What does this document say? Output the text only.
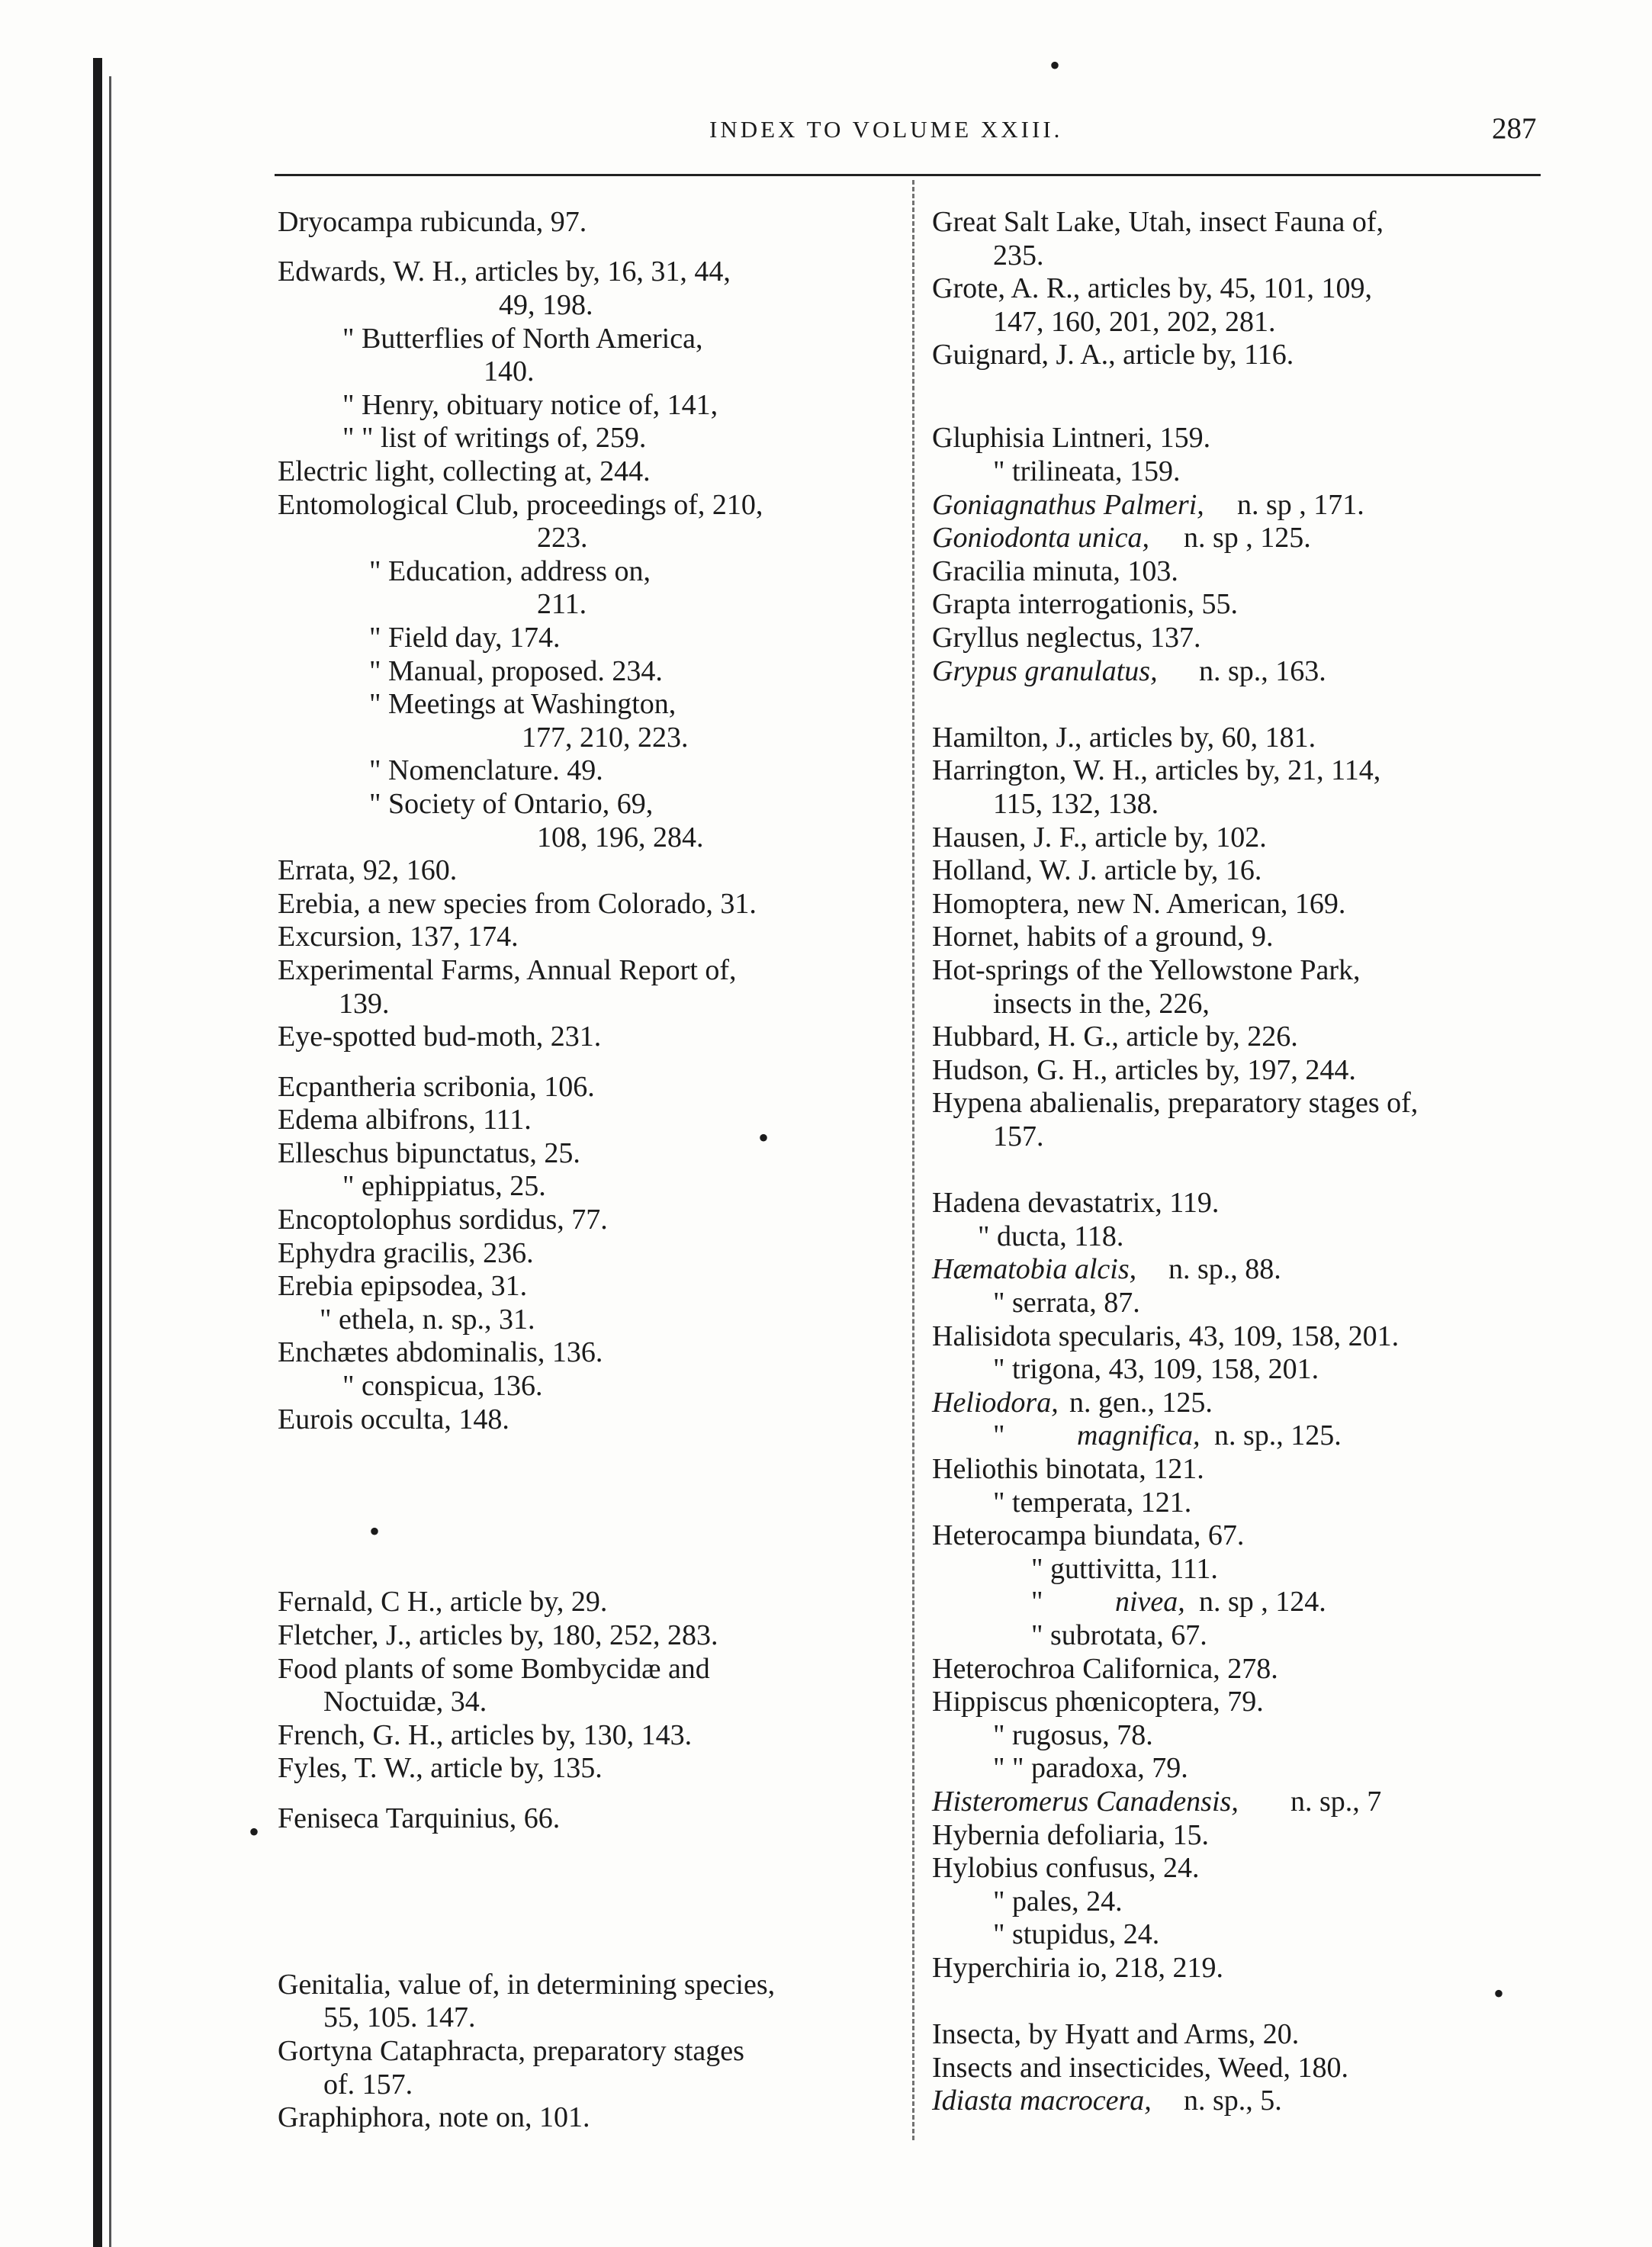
INDEX TO VOLUME XXIII.	287
Dryocampa rubicunda, 97.
Edwards, W. H., articles by, 16, 31, 44,
49, 198.
" Butterflies of North America,
140.
" Henry, obituary notice of, 141,
" " list of writings of, 259.
Electric light, collecting at, 244.
Entomological Club, proceedings of, 210,
223.
" Education, address on,
211.
" Field day, 174.
" Manual, proposed. 234.
" Meetings at Washington,
177, 210, 223.
" Nomenclature. 49.
" Society of Ontario, 69,
108, 196, 284.
Errata, 92, 160.
Erebia, a new species from Colorado, 31.
Excursion, 137, 174.
Experimental Farms, Annual Report of,
139.
Eye-spotted bud-moth, 231.
Ecpantheria scribonia, 106.
Edema albifrons, 111.
Elleschus bipunctatus, 25.
" ephippiatus, 25.
Encoptolophus sordidus, 77.
Ephydra gracilis, 236.
Erebia epipsodea, 31.
" ethela, n. sp., 31.
Enchætes abdominalis, 136.
" conspicua, 136.
Eurois occulta, 148.
Fernald, C H., article by, 29.
Fletcher, J., articles by, 180, 252, 283.
Food plants of some Bombycidæ and
Noctuidæ, 34.
French, G. H., articles by, 130, 143.
Fyles, T. W., article by, 135.
Feniseca Tarquinius, 66.
Genitalia, value of, in determining species,
55, 105. 147.
Gortyna Cataphracta, preparatory stages
of. 157.
Graphiphora, note on, 101.
Great Salt Lake, Utah, insect Fauna of,
235.
Grote, A. R., articles by, 45, 101, 109,
147, 160, 201, 202, 281.
Guignard, J. A., article by, 116.
Gluphisia Lintneri, 159.
" trilineata, 159.
Goniagnathus Palmeri, n. sp , 171.
Goniodonta unica, n. sp , 125.
Gracilia minuta, 103.
Grapta interrogationis, 55.
Gryllus neglectus, 137.
Grypus granulatus, n. sp., 163.
Hamilton, J., articles by, 60, 181.
Harrington, W. H., articles by, 21, 114,
115, 132, 138.
Hausen, J. F., article by, 102.
Holland, W. J. article by, 16.
Homoptera, new N. American, 169.
Hornet, habits of a ground, 9.
Hot-springs of the Yellowstone Park,
insects in the, 226,
Hubbard, H. G., article by, 226.
Hudson, G. H., articles by, 197, 244.
Hypena abalienalis, preparatory stages of,
157.
Hadena devastatrix, 119.
" ducta, 118.
Hæmatobia alcis, n. sp., 88.
" serrata, 87.
Halisidota specularis, 43, 109, 158, 201.
" trigona, 43, 109, 158, 201.
Heliodora, n. gen., 125.
" magnifica, n. sp., 125.
Heliothis binotata, 121.
" temperata, 121.
Heterocampa biundata, 67.
" guttivitta, 111.
" nivea, n. sp , 124.
" subrotata, 67.
Heterochroa Californica, 278.
Hippiscus phœnicoptera, 79.
" rugosus, 78.
" " paradoxa, 79.
Histeromerus Canadensis, n. sp., 7
Hybernia defoliaria, 15.
Hylobius confusus, 24.
" pales, 24.
" stupidus, 24.
Hyperchiria io, 218, 219.
Insecta, by Hyatt and Arms, 20.
Insects and insecticides, Weed, 180.
Idiasta macrocera, n. sp., 5.
•
•
•
•
•
